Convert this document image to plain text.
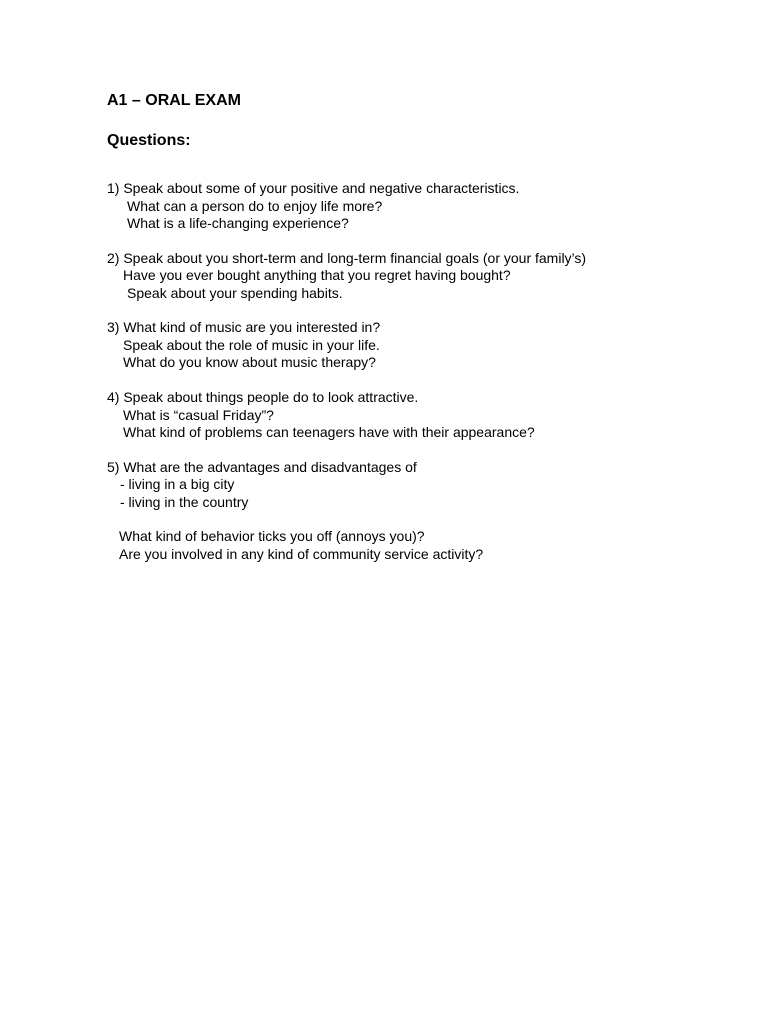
A1 – ORAL EXAM
Questions:
1) Speak about some of your positive and negative characteristics.
What can a person do to enjoy life more?
What is a life-changing experience?
2) Speak about you short-term and long-term financial goals (or your family’s)
Have you ever bought anything that you regret having bought?
Speak about your spending habits.
3) What kind of music are you interested in?
Speak about the role of music in your life.
What do you know about music therapy?
4) Speak about things people do to look attractive.
What is “casual Friday”?
What kind of problems can teenagers have with their appearance?
5) What are the advantages and disadvantages of
- living in a big city
- living in the country
What kind of behavior ticks you off (annoys you)?
Are you involved in any kind of community service activity?
